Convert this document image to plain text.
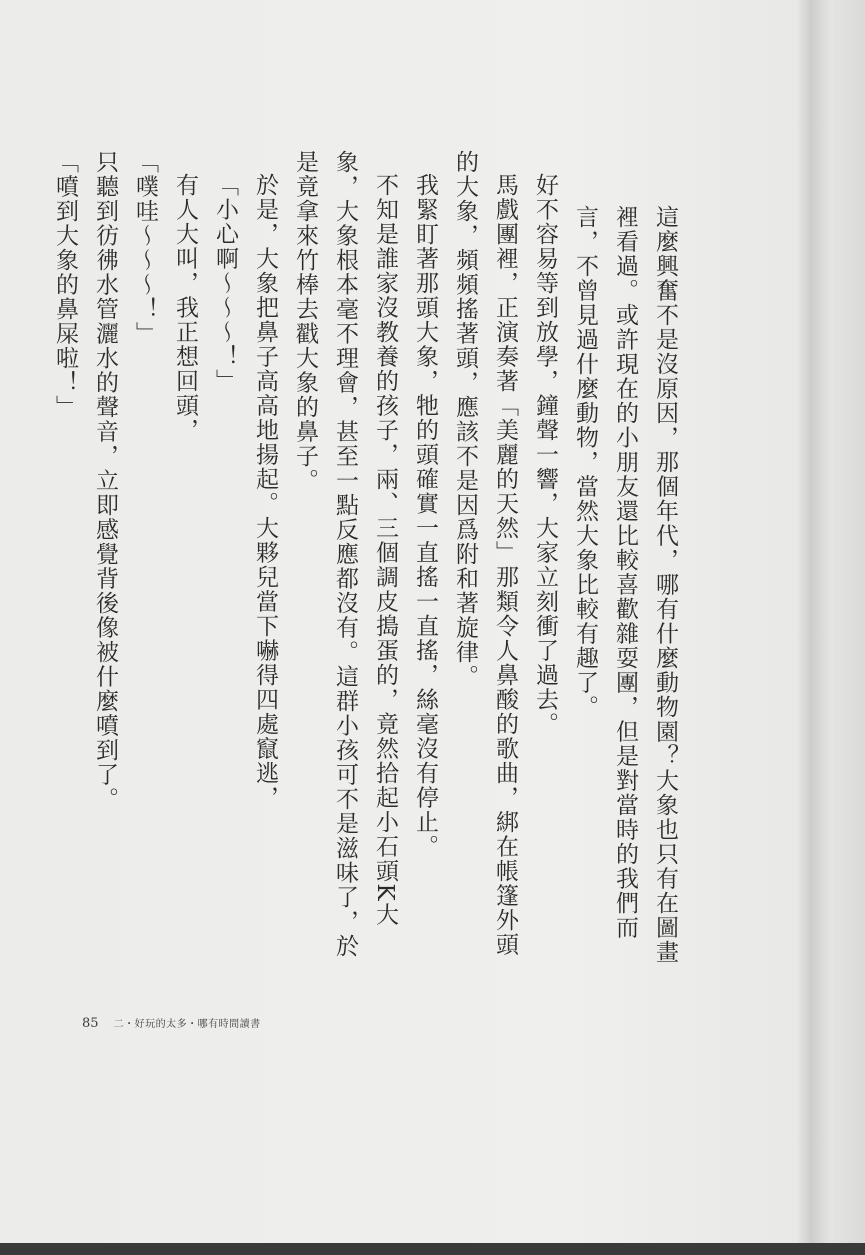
這麼興奮不是沒原因，那個年代，哪有什麼動物園？大象也只有在圖畫裡看過。或許現在的小朋友還比較喜歡雜耍團，但是對當時的我們而言，不曾見過什麼動物，當然大象比較有趣了。

好不容易等到放學，鐘聲一響，大家立刻衝了過去。

馬戲團裡，正演奏著「美麗的天然」那類令人鼻酸的歌曲，綁在帳篷外頭的大象，頻頻搖著頭，應該不是因爲附和著旋律。

我緊盯著那頭大象，牠的頭確實一直搖一直搖，絲毫沒有停止。

不知是誰家沒教養的孩子，兩、三個調皮搗蛋的，竟然拾起小石頭K大象，大象根本毫不理會，甚至一點反應都沒有。這群小孩可不是滋味了，於是竟拿來竹棒去戳大象的鼻子。

於是，大象把鼻子高高地揚起。大夥兒當下嚇得四處竄逃，

「小心啊～～～！」

有人大叫，我正想回頭，

「噗哇～～～！」

只聽到彷彿水管灑水的聲音，立即感覺背後像被什麼噴到了。

「噴到大象的鼻屎啦！」

85 二・好玩的太多・哪有時間讀書
